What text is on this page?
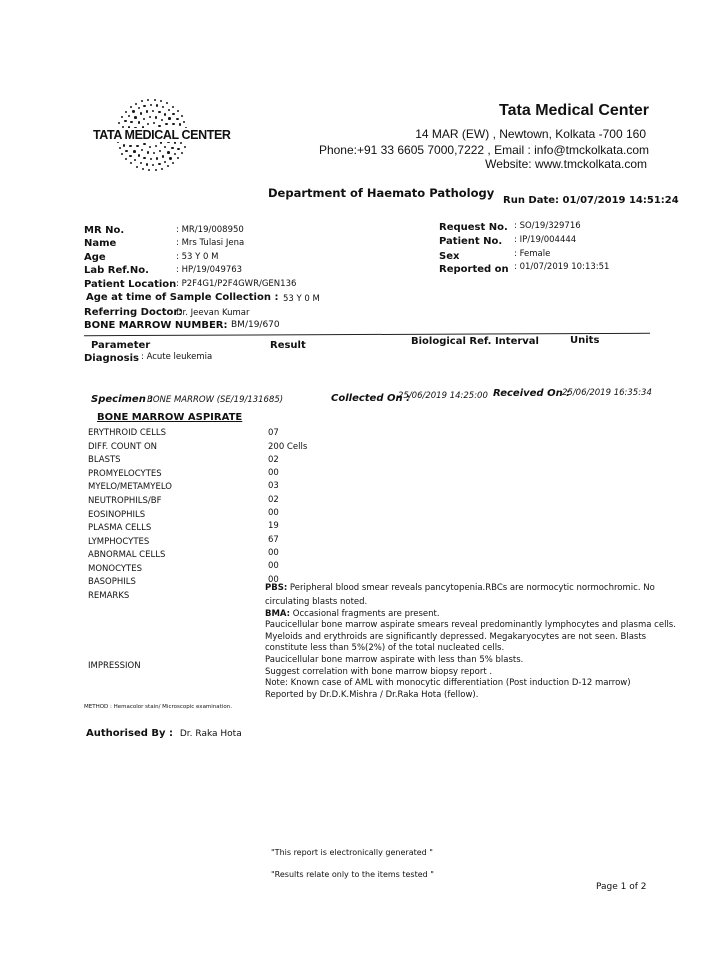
TATA MEDICAL CENTER
Tata Medical Center
14 MAR (EW) , Newtown, Kolkata -700 160
Phone:+91 33 6605 7000,7222 , Email : info@tmckolkata.com
Website: www.tmckolkata.com
Department of Haemato Pathology
Run Date: 01/07/2019 14:51:24
MR No.	: MR/19/008950
Name	: Mrs Tulasi Jena
Age	: 53 Y 0 M
Lab Ref.No.	: HP/19/049763
Patient Location : P2F4G1/P2F4GWR/GEN136
Age at time of Sample Collection : 53 Y 0 M
Referring Doctor:
Dr. Jeevan Kumar
BONE MARROW NUMBER: BM/19/670
Request No. : SO/19/329716
Patient No. : IP/19/004444
Sex	: Female
Reported on : 01/07/2019 10:13:51
Parameter	Result	Biological Ref. Interval	Units
Diagnosis : Acute leukemia
Specimen :
BONE MARROW (SE/19/131685)	Collected On :
25/06/2019 14:25:00 Received On :
25/06/2019 16:35:34
BONE MARROW ASPIRATE
ERYTHROID CELLS	07
DIFF. COUNT ON	200 Cells
BLASTS	02
PROMYELOCYTES	00
MYELO/METAMYELO	03
NEUTROPHILS/BF	02
EOSINOPHILS	00
PLASMA CELLS	19
LYMPHOCYTES	67
ABNORMAL CELLS	00
MONOCYTES	00
BASOPHILS	00
REMARKS
PBS: Peripheral blood smear reveals pancytopenia.RBCs are normocytic normochromic. No
circulating blasts noted.
BMA: Occasional fragments are present.
Paucicellular bone marrow aspirate smears reveal predominantly lymphocytes and plasma cells.
Myeloids and erythroids are significantly depressed. Megakaryocytes are not seen. Blasts
constitute less than 5%(2%) of the total nucleated cells.
IMPRESSION
Paucicellular bone marrow aspirate with less than 5% blasts.
Suggest correlation with bone marrow biopsy report .
Note: Known case of AML with monocytic differentiation (Post induction D-12 marrow)
Reported by Dr.D.K.Mishra / Dr.Raka Hota (fellow).
METHOD : Hemacolor stain/ Microscopic examination.
Authorised By : Dr. Raka Hota
"This report is electronically generated "
"Results relate only to the items tested "
Page 1 of 2
